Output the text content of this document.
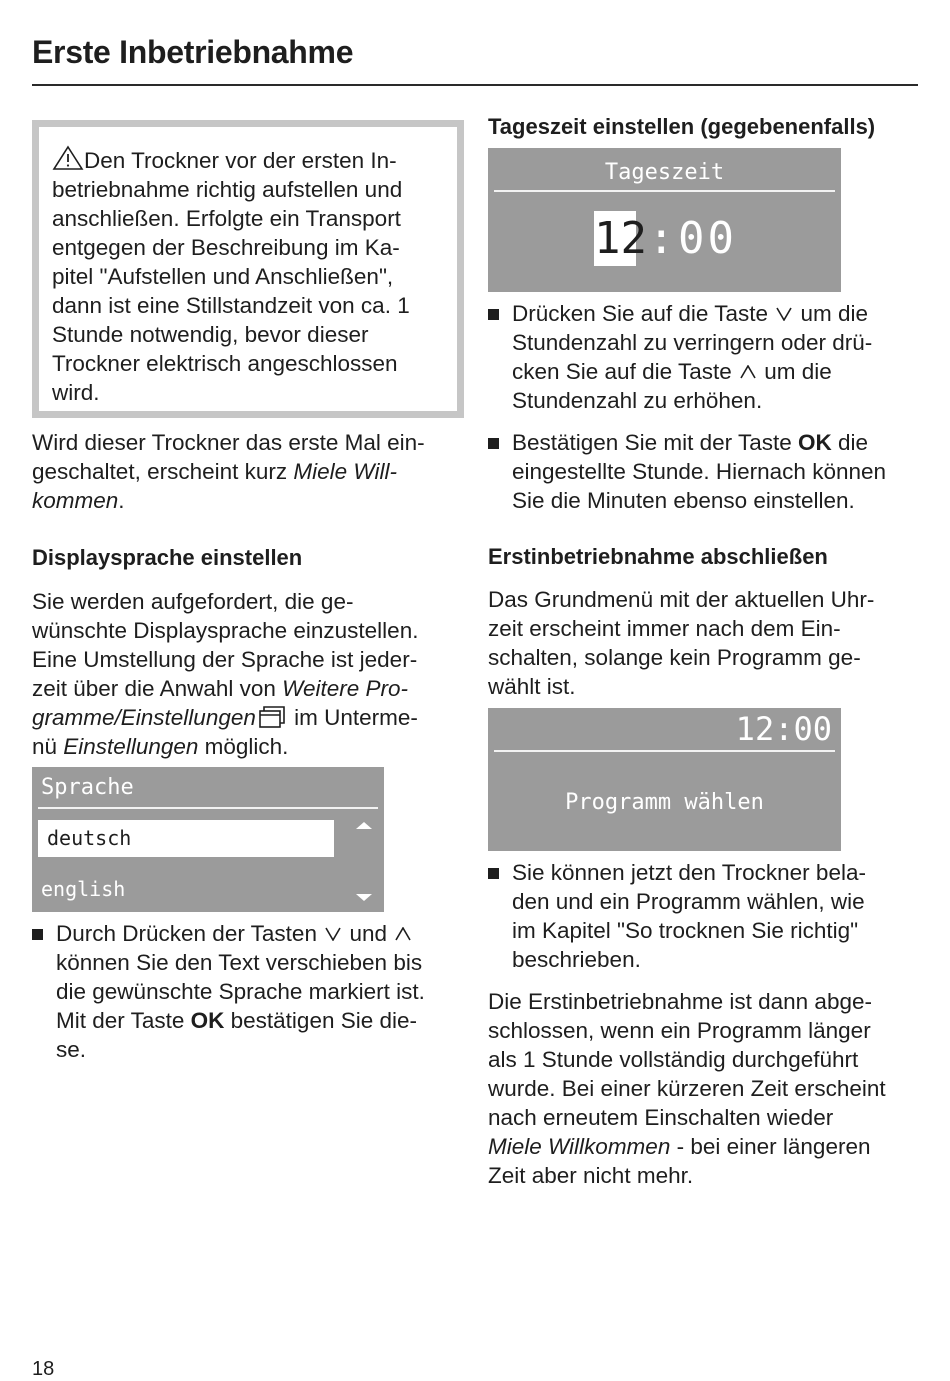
Erste Inbetriebnahme
Den Trockner vor der ersten In-
betriebnahme richtig aufstellen und
anschließen. Erfolgte ein Transport
entgegen der Beschreibung im Ka-
pitel "Aufstellen und Anschließen",
dann ist eine Stillstandzeit von ca. 1
Stunde notwendig, bevor dieser
Trockner elektrisch angeschlossen
wird.
Wird dieser Trockner das erste Mal ein-
geschaltet, erscheint kurz Miele Will-
kommen.
Displaysprache einstellen
Sie werden aufgefordert, die ge-
wünschte Displaysprache einzustellen.
Eine Umstellung der Sprache ist jeder-
zeit über die Anwahl von Weitere Pro-
gramme/Einstellungen im Unterme-
nü Einstellungen möglich.
Sprache
deutsch
english
Durch Drücken der Tasten  und
können Sie den Text verschieben bis
die gewünschte Sprache markiert ist.
Mit der Taste OK bestätigen Sie die-
se.
Tageszeit einstellen (gegebenenfalls)
Tageszeit
12 : 00
Drücken Sie auf die Taste  um die
Stundenzahl zu verringern oder drü-
cken Sie auf die Taste  um die
Stundenzahl zu erhöhen.
Bestätigen Sie mit der Taste OK die
eingestellte Stunde. Hiernach können
Sie die Minuten ebenso einstellen.
Erstinbetriebnahme abschließen
Das Grundmenü mit der aktuellen Uhr-
zeit erscheint immer nach dem Ein-
schalten, solange kein Programm ge-
wählt ist.
12:00
Programm wählen
Sie können jetzt den Trockner bela-
den und ein Programm wählen, wie
im Kapitel "So trocknen Sie richtig"
beschrieben.
Die Erstinbetriebnahme ist dann abge-
schlossen, wenn ein Programm länger
als 1 Stunde vollständig durchgeführt
wurde. Bei einer kürzeren Zeit erscheint
nach erneutem Einschalten wieder
Miele Willkommen - bei einer längeren
Zeit aber nicht mehr.
18
